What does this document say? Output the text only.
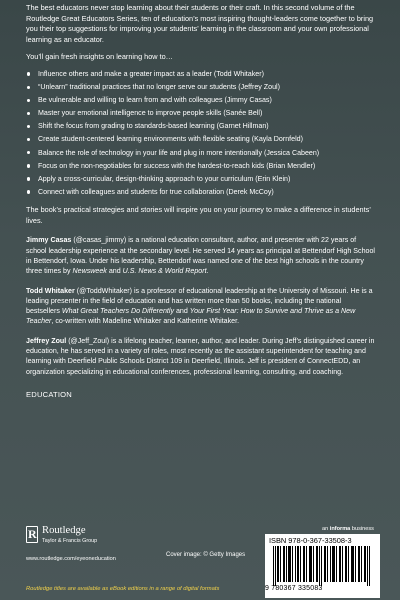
The best educators never stop learning about their students or their craft. In this second volume of the Routledge Great Educators Series, ten of education’s most inspiring thought-leaders come together to bring you their top suggestions for improving your students’ learning in the classroom and your own professional learning as an educator.

You’ll gain fresh insights on learning how to…

Influence others and make a greater impact as a leader (Todd Whitaker)
“Unlearn” traditional practices that no longer serve our students (Jeffrey Zoul)
Be vulnerable and willing to learn from and with colleagues (Jimmy Casas)
Master your emotional intelligence to improve people skills (Sanée Bell)
Shift the focus from grading to standards-based learning (Garnet Hillman)
Create student-centered learning environments with flexible seating (Kayla Dornfeld)
Balance the role of technology in your life and plug in more intentionally (Jessica Cabeen)
Focus on the non-negotiables for success with the hardest-to-reach kids (Brian Mendler)
Apply a cross-curricular, design-thinking approach to your curriculum (Erin Klein)
Connect with colleagues and students for true collaboration (Derek McCoy)

The book’s practical strategies and stories will inspire you on your journey to make a difference in students’ lives.

Jimmy Casas (@casas_jimmy) is a national education consultant, author, and presenter with 22 years of school leadership experience at the secondary level. He served 14 years as principal at Bettendorf High School in Bettendorf, Iowa. Under his leadership, Bettendorf was named one of the best high schools in the country three times by Newsweek and U.S. News & World Report.

Todd Whitaker (@ToddWhitaker) is a professor of educational leadership at the University of Missouri. He is a leading presenter in the field of education and has written more than 50 books, including the national bestsellers What Great Teachers Do Differently and Your First Year: How to Survive and Thrive as a New Teacher, co-written with Madeline Whitaker and Katherine Whitaker.

Jeffrey Zoul (@Jeff_Zoul) is a lifelong teacher, learner, author, and leader. During Jeff’s distinguished career in education, he has served in a variety of roles, most recently as the assistant superintendent for teaching and learning with Deerfield Public Schools District 109 in Deerfield, Illinois. Jeff is president of ConnectEDD, an organization specializing in educational conferences, professional learning, consulting, and coaching.

EDUCATION

R Routledge
Taylor & Francis Group
www.routledge.com/eyeoneducation
Cover image: © Getty Images
an informa business
ISBN 978-0-367-33508-3
9 780367 335083
Routledge titles are available as eBook editions in a range of digital formats
